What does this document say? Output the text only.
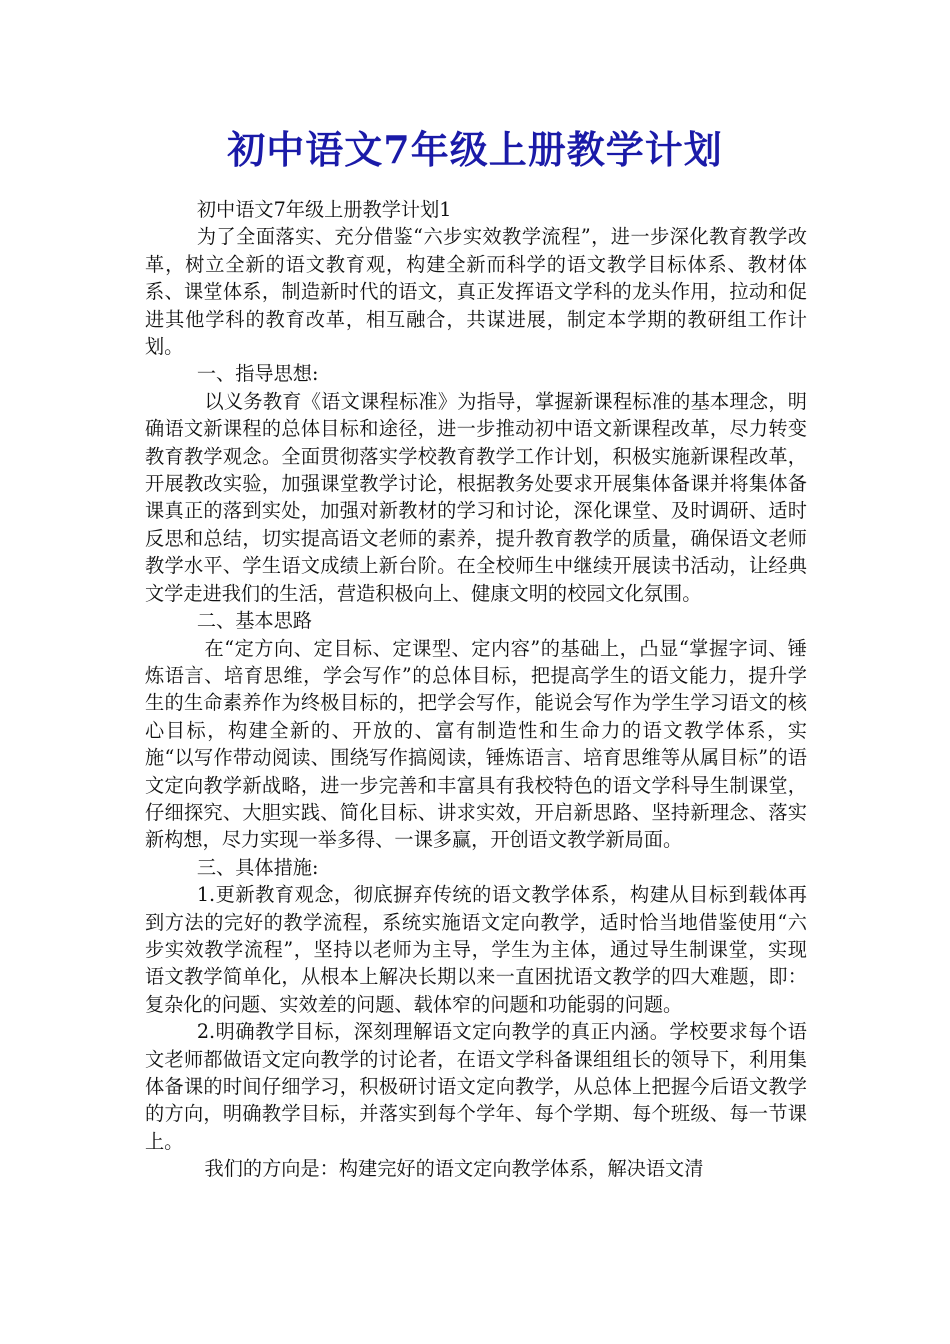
初中语文7年级上册教学计划

初中语文7年级上册教学计划1

为了全面落实、充分借鉴“六步实效教学流程”，进一步深化教育教学改革，树立全新的语文教育观，构建全新而科学的语文教学目标体系、教材体系、课堂体系，制造新时代的语文，真正发挥语文学科的龙头作用，拉动和促进其他学科的教育改革，相互融合，共谋进展，制定本学期的教研组工作计划。

一、指导思想:

以义务教育《语文课程标准》为指导，掌握新课程标准的基本理念，明确语文新课程的总体目标和途径，进一步推动初中语文新课程改革，尽力转变教育教学观念。全面贯彻落实学校教育教学工作计划，积极实施新课程改革，开展教改实验，加强课堂教学讨论，根据教务处要求开展集体备课并将集体备课真正的落到实处，加强对新教材的学习和讨论，深化课堂、及时调研、适时反思和总结，切实提高语文老师的素养，提升教育教学的质量，确保语文老师教学水平、学生语文成绩上新台阶。在全校师生中继续开展读书活动，让经典文学走进我们的生活，营造积极向上、健康文明的校园文化氛围。

二、基本思路

在“定方向、定目标、定课型、定内容”的基础上，凸显“掌握字词、锤炼语言、培育思维，学会写作”的总体目标，把提高学生的语文能力，提升学生的生命素养作为终极目标的，把学会写作，能说会写作为学生学习语文的核心目标，构建全新的、开放的、富有制造性和生命力的语文教学体系，实施“以写作带动阅读、围绕写作搞阅读，锤炼语言、培育思维等从属目标”的语文定向教学新战略，进一步完善和丰富具有我校特色的语文学科导生制课堂，仔细探究、大胆实践、简化目标、讲求实效，开启新思路、坚持新理念、落实新构想，尽力实现一举多得、一课多赢，开创语文教学新局面。

三、具体措施:

1.更新教育观念，彻底摒弃传统的语文教学体系，构建从目标到载体再到方法的完好的教学流程，系统实施语文定向教学，适时恰当地借鉴使用“六步实效教学流程”，坚持以老师为主导，学生为主体，通过导生制课堂，实现语文教学简单化，从根本上解决长期以来一直困扰语文教学的四大难题，即：复杂化的问题、实效差的问题、载体窄的问题和功能弱的问题。

2.明确教学目标，深刻理解语文定向教学的真正内涵。学校要求每个语文老师都做语文定向教学的讨论者，在语文学科备课组组长的领导下，利用集体备课的时间仔细学习，积极研讨语文定向教学，从总体上把握今后语文教学的方向，明确教学目标，并落实到每个学年、每个学期、每个班级、每一节课上。

我们的方向是：构建完好的语文定向教学体系，解决语文清
